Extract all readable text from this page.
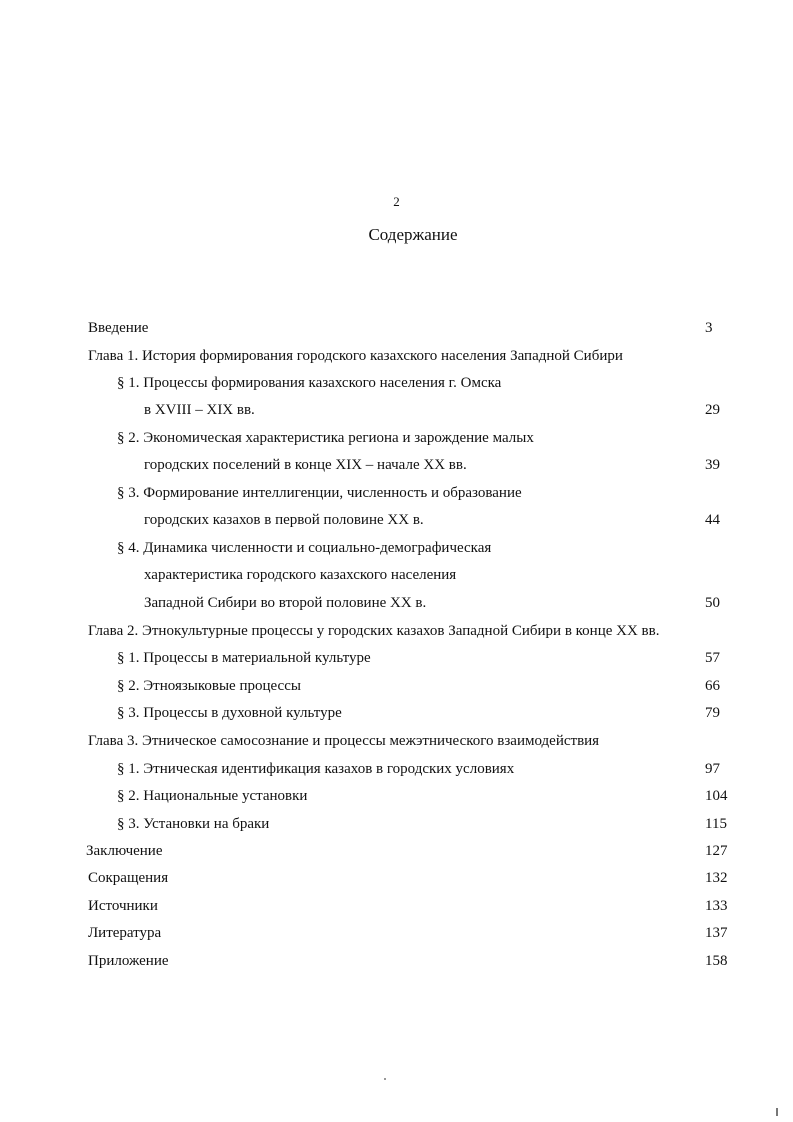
2
Содержание
Введение	3
Глава 1. История формирования городского казахского населения Западной Сибири
§ 1. Процессы формирования казахского населения г. Омска
в XVIII – XIX вв.	29
§ 2. Экономическая характеристика региона и зарождение малых
городских поселений в конце XIX – начале XX вв.	39
§ 3. Формирование интеллигенции, численность и образование
городских казахов в первой половине XX в.	44
§ 4. Динамика численности и социально-демографическая
характеристика городского казахского населения
Западной Сибири во второй половине XX в.	50
Глава 2. Этнокультурные процессы у городских казахов Западной Сибири в конце XX вв.
§ 1. Процессы в материальной культуре	57
§ 2. Этноязыковые процессы	66
§ 3. Процессы в духовной культуре	79
Глава 3. Этническое самосознание и процессы межэтнического взаимодействия
§ 1. Этническая идентификация казахов в городских условиях	97
§ 2. Национальные установки	104
§ 3. Установки на браки	115
Заключение	127
Сокращения	132
Источники	133
Литература	137
Приложение	158
